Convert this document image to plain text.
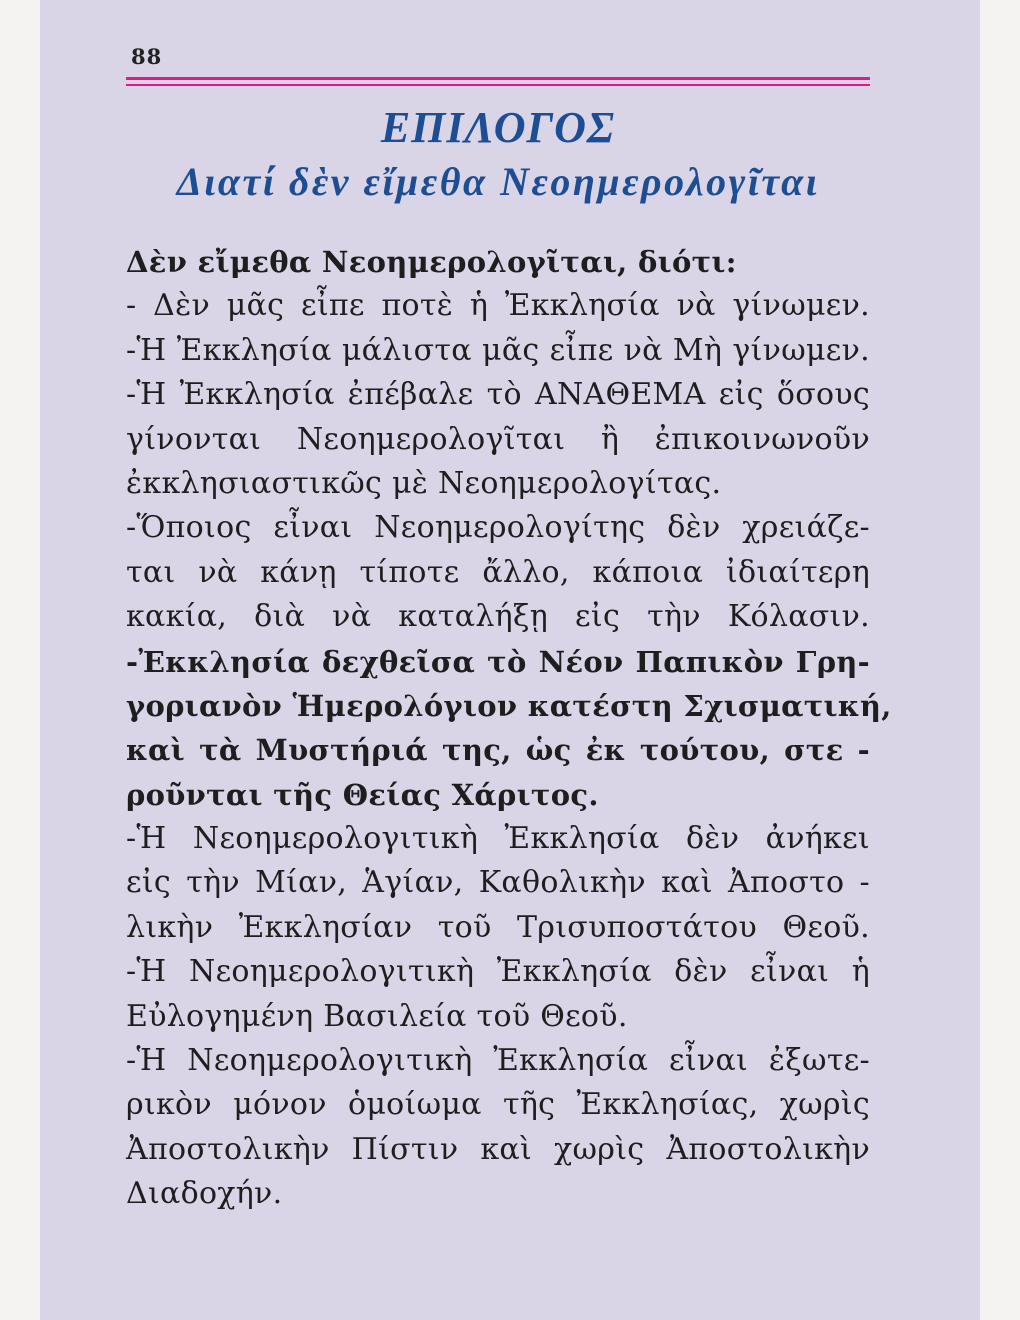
88
ΕΠΙΛΟΓΟΣ
Διατί δὲν εἴμεθα Νεοημερολογῖται
Δὲν εἴμεθα Νεοημερολογῖται, διότι:
- Δὲν μᾶς εἶπε ποτὲ ἡ Ἐκκλησία νὰ γίνωμεν.
-Ἡ Ἐκκλησία μάλιστα μᾶς εἶπε νὰ Μὴ γίνωμεν.
-Ἡ Ἐκκλησία ἐπέβαλε τὸ ΑΝΑΘΕΜΑ εἰς ὅσους
γίνονται Νεοημερολογῖται ἢ ἐπικοινωνοῦν
ἐκκλησιαστικῶς μὲ Νεοημερολογίτας.
-Ὅποιος εἶναι Νεοημερολογίτης δὲν χρειάζε-
ται νὰ κάνῃ τίποτε ἄλλο, κάποια ἰδιαίτερη
κακία, διὰ νὰ καταλήξῃ εἰς τὴν Κόλασιν.
-Ἐκκλησία δεχθεῖσα τὸ Νέον Παπικὸν Γρη-
γοριανὸν Ἡμερολόγιον κατέστη Σχισματική,
καὶ τὰ Μυστήριά της, ὡς ἐκ τούτου, στε -
ροῦνται τῆς Θείας Χάριτος.
-Ἡ Νεοημερολογιτικὴ Ἐκκλησία δὲν ἀνήκει
εἰς τὴν Μίαν, Ἁγίαν, Καθολικὴν καὶ Ἀποστο -
λικὴν Ἐκκλησίαν τοῦ Τρισυποστάτου Θεοῦ.
-Ἡ Νεοημερολογιτικὴ Ἐκκλησία δὲν εἶναι ἡ
Εὐλογημένη Βασιλεία τοῦ Θεοῦ.
-Ἡ Νεοημερολογιτικὴ Ἐκκλησία εἶναι ἐξωτε-
ρικὸν μόνον ὁμοίωμα τῆς Ἐκκλησίας, χωρὶς
Ἀποστολικὴν Πίστιν καὶ χωρὶς Ἀποστολικὴν
Διαδοχήν.
